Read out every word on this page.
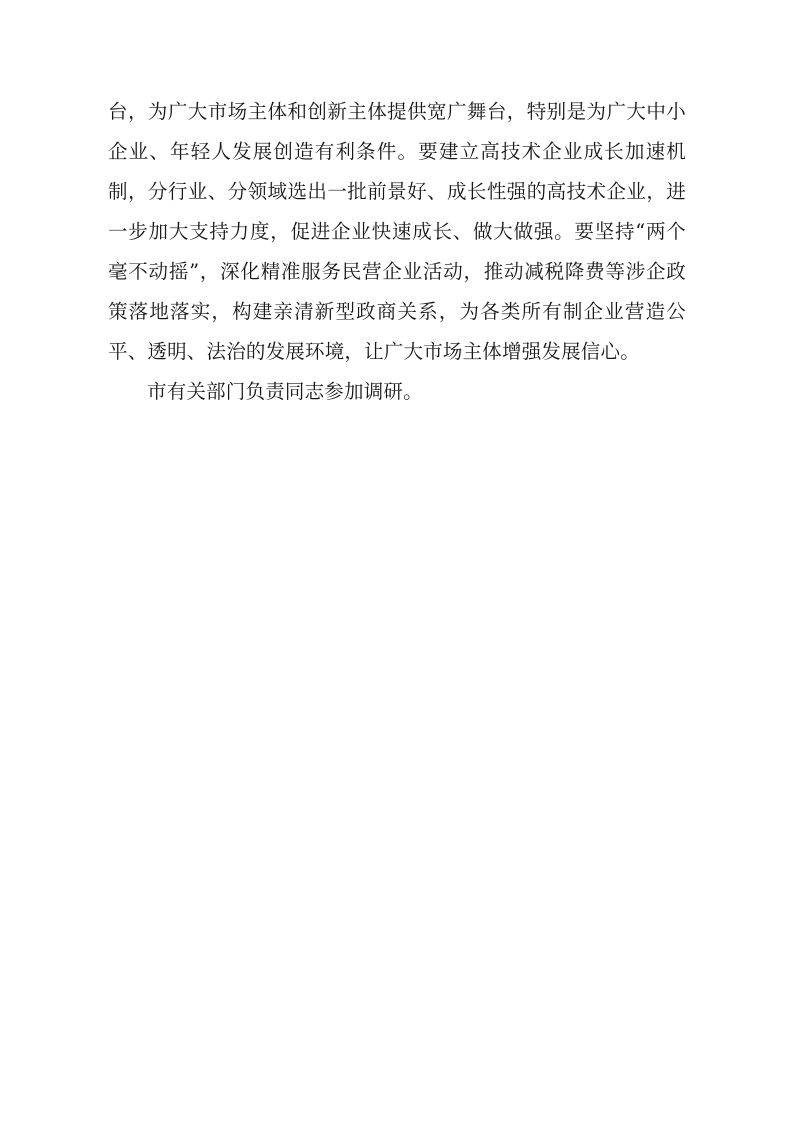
台，为广大市场主体和创新主体提供宽广舞台，特别是为广大中小企业、年轻人发展创造有利条件。要建立高技术企业成长加速机制，分行业、分领域选出一批前景好、成长性强的高技术企业，进一步加大支持力度，促进企业快速成长、做大做强。要坚持“两个毫不动摇”，深化精准服务民营企业活动，推动减税降费等涉企政策落地落实，构建亲清新型政商关系，为各类所有制企业营造公平、透明、法治的发展环境，让广大市场主体增强发展信心。

市有关部门负责同志参加调研。
